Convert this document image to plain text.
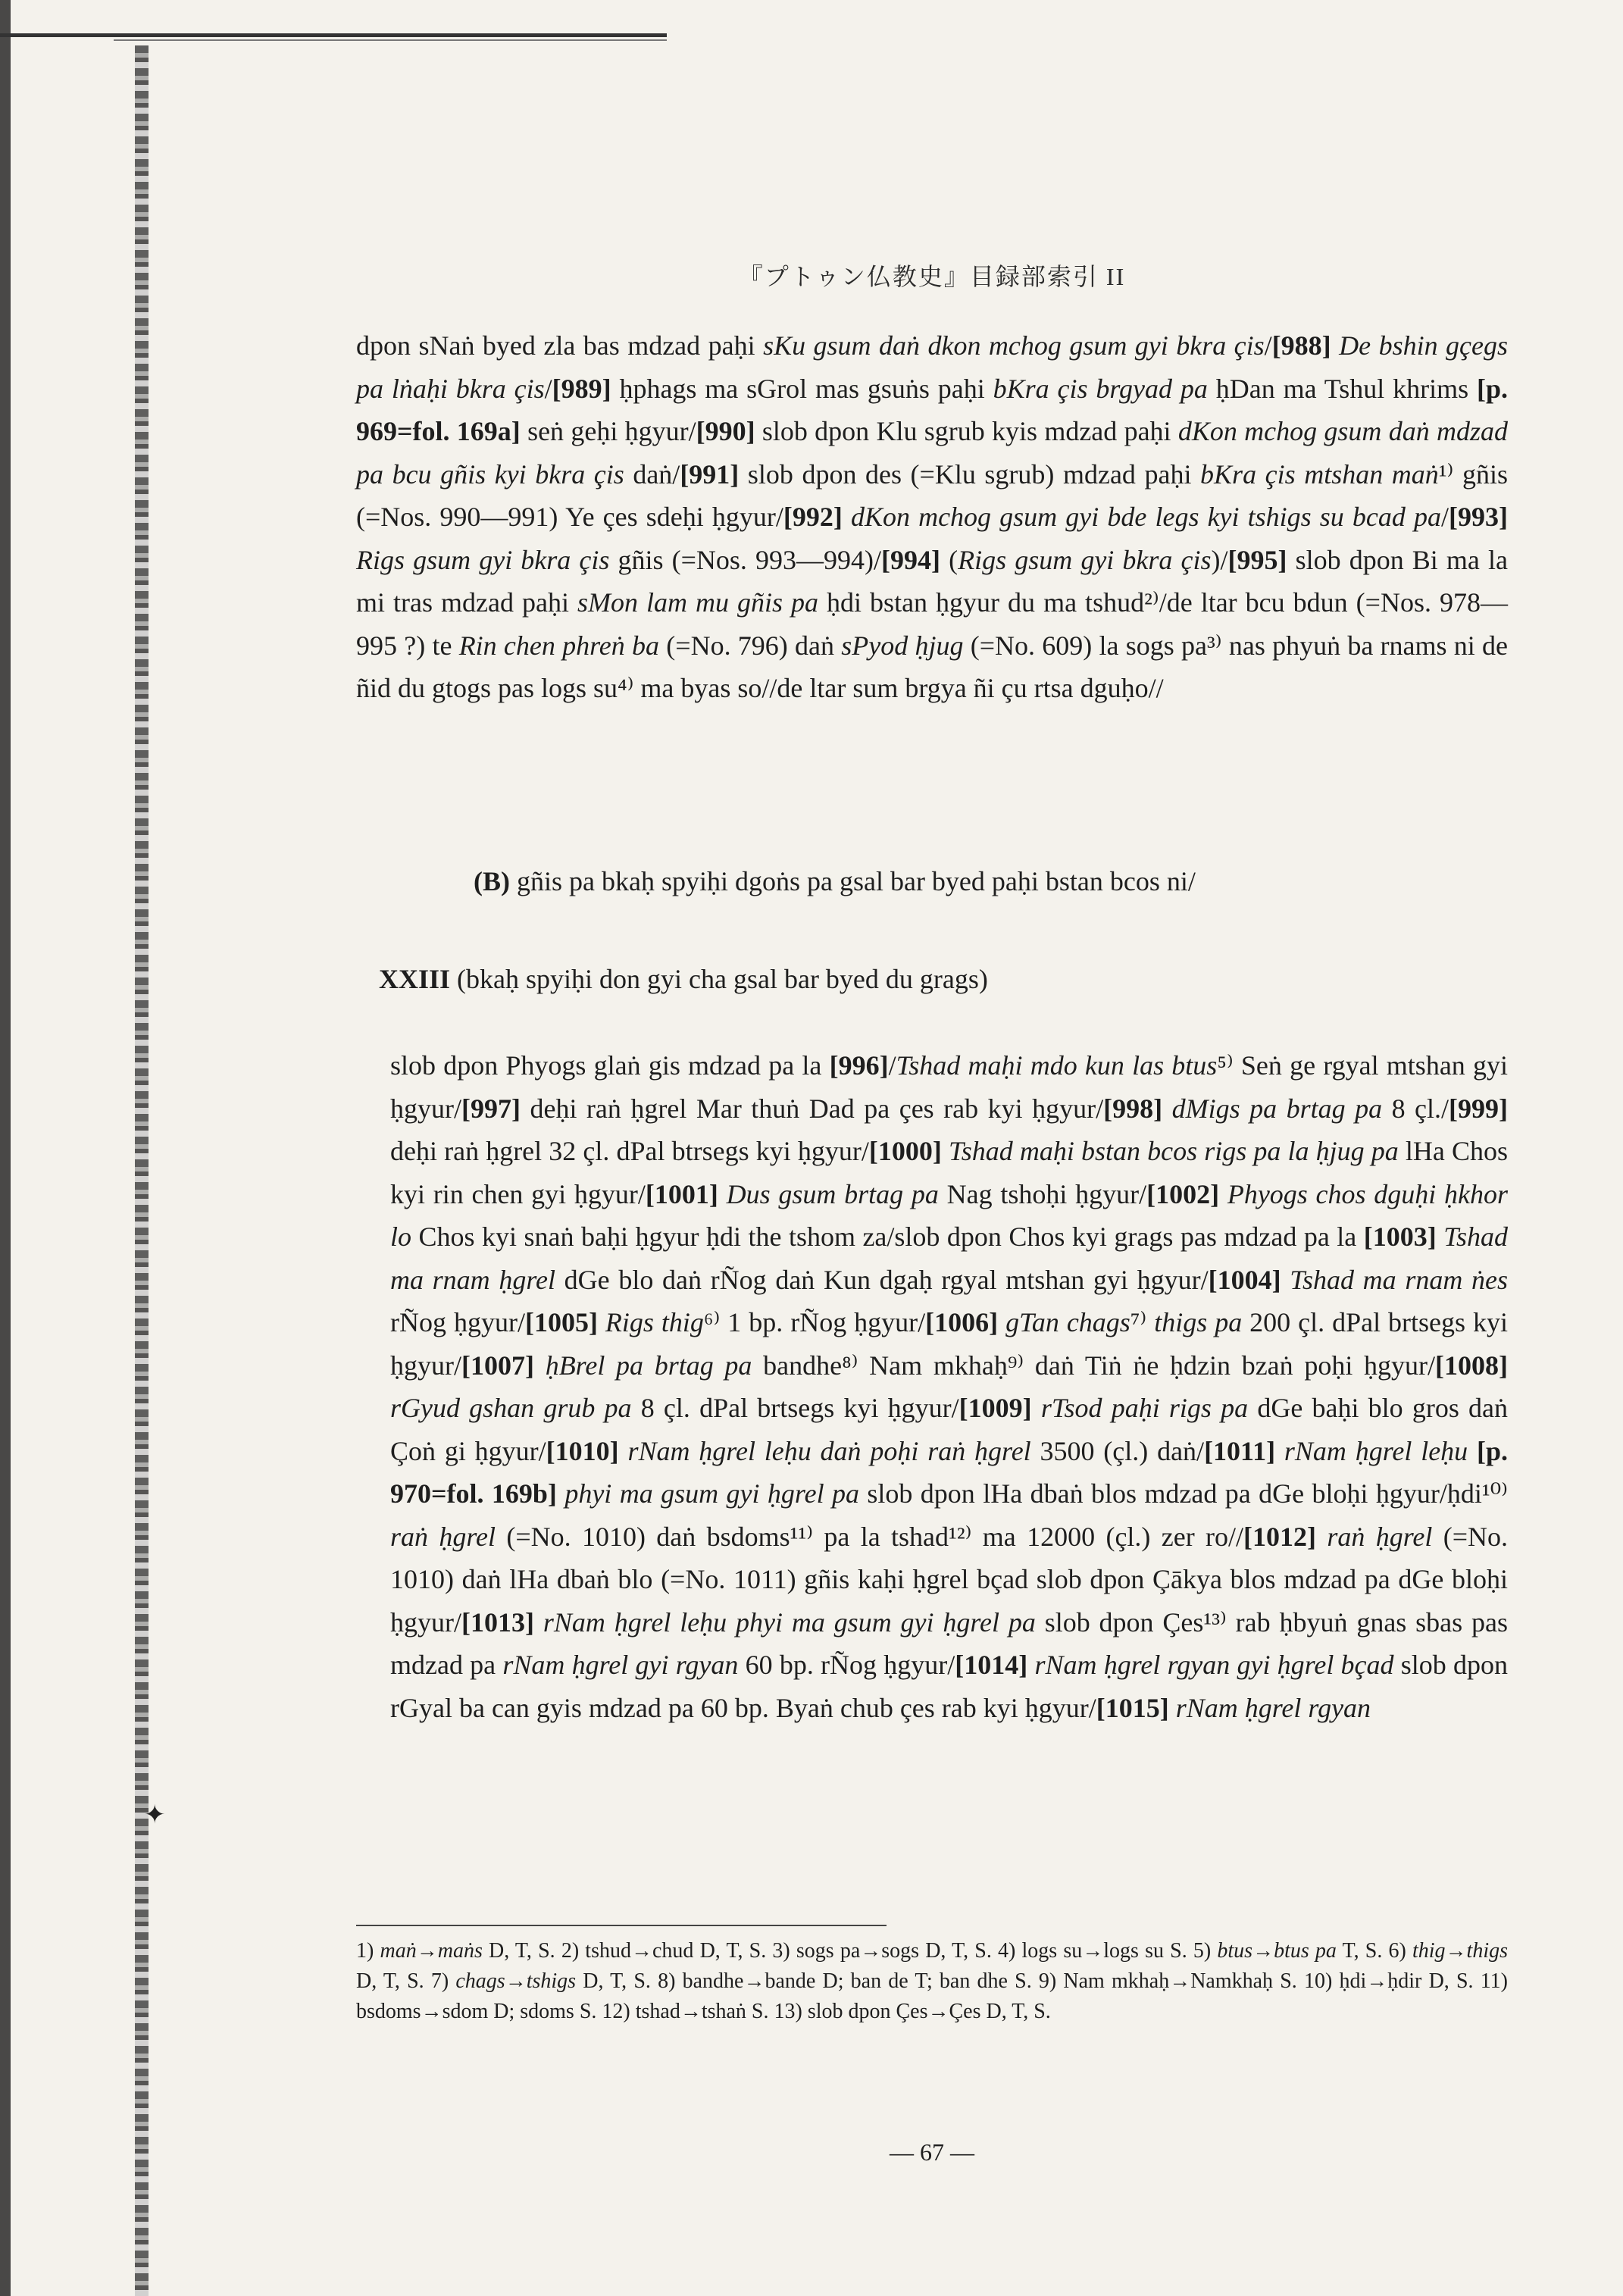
✦
『プトゥン仏教史』目録部索引 II

dpon sNaṅ byed zla bas mdzad paḥi sKu gsum daṅ dkon mchog gsum gyi bkra çis/[988] De bshin gçegs pa lṅaḥi bkra çis/[989] ḥphags ma sGrol mas gsuṅs paḥi bKra çis brgyad pa ḥDan ma Tshul khrims [p. 969=fol. 169a] seṅ geḥi ḥgyur/[990] slob dpon Klu sgrub kyis mdzad paḥi dKon mchog gsum daṅ mdzad pa bcu gñis kyi bkra çis daṅ/[991] slob dpon des (=Klu sgrub) mdzad paḥi bKra çis mtshan maṅ¹⁾ gñis (=Nos. 990—991) Ye çes sdeḥi ḥgyur/[992] dKon mchog gsum gyi bde legs kyi tshigs su bcad pa/[993] Rigs gsum gyi bkra çis gñis (=Nos. 993—994)/[994] (Rigs gsum gyi bkra çis)/[995] slob dpon Bi ma la mi tras mdzad paḥi sMon lam mu gñis pa ḥdi bstan ḥgyur du ma tshud²⁾/de ltar bcu bdun (=Nos. 978—995 ?) te Rin chen phreṅ ba (=No. 796) daṅ sPyod ḥjug (=No. 609) la sogs pa³⁾ nas phyuṅ ba rnams ni de ñid du gtogs pas logs su⁴⁾ ma byas so//de ltar sum brgya ñi çu rtsa dguḥo//

(B) gñis pa bkaḥ spyiḥi dgoṅs pa gsal bar byed paḥi bstan bcos ni/

XXIII (bkaḥ spyiḥi don gyi cha gsal bar byed du grags)

slob dpon Phyogs glaṅ gis mdzad pa la [996]/Tshad maḥi mdo kun las btus⁵⁾ Seṅ ge rgyal mtshan gyi ḥgyur/[997] deḥi raṅ ḥgrel Mar thuṅ Dad pa çes rab kyi ḥgyur/[998] dMigs pa brtag pa 8 çl./[999] deḥi raṅ ḥgrel 32 çl. dPal btrsegs kyi ḥgyur/[1000] Tshad maḥi bstan bcos rigs pa la ḥjug pa lHa Chos kyi rin chen gyi ḥgyur/[1001] Dus gsum brtag pa Nag tshoḥi ḥgyur/[1002] Phyogs chos dguḥi ḥkhor lo Chos kyi snaṅ baḥi ḥgyur ḥdi the tshom za/slob dpon Chos kyi grags pas mdzad pa la [1003] Tshad ma rnam ḥgrel dGe blo daṅ rÑog daṅ Kun dgaḥ rgyal mtshan gyi ḥgyur/[1004] Tshad ma rnam ṅes rÑog ḥgyur/[1005] Rigs thig⁶⁾ 1 bp. rÑog ḥgyur/[1006] gTan chags⁷⁾ thigs pa 200 çl. dPal brtsegs kyi ḥgyur/[1007] ḥBrel pa brtag pa bandhe⁸⁾ Nam mkhaḥ⁹⁾ daṅ Tiṅ ṅe ḥdzin bzaṅ poḥi ḥgyur/[1008] rGyud gshan grub pa 8 çl. dPal brtsegs kyi ḥgyur/[1009] rTsod paḥi rigs pa dGe baḥi blo gros daṅ Çoṅ gi ḥgyur/[1010] rNam ḥgrel leḥu daṅ poḥi raṅ ḥgrel 3500 (çl.) daṅ/[1011] rNam ḥgrel leḥu [p. 970=fol. 169b] phyi ma gsum gyi ḥgrel pa slob dpon lHa dbaṅ blos mdzad pa dGe bloḥi ḥgyur/ḥdi¹⁰⁾ raṅ ḥgrel (=No. 1010) daṅ bsdoms¹¹⁾ pa la tshad¹²⁾ ma 12000 (çl.) zer ro//[1012] raṅ ḥgrel (=No. 1010) daṅ lHa dbaṅ blo (=No. 1011) gñis kaḥi ḥgrel bçad slob dpon Çākya blos mdzad pa dGe bloḥi ḥgyur/[1013] rNam ḥgrel leḥu phyi ma gsum gyi ḥgrel pa slob dpon Çes¹³⁾ rab ḥbyuṅ gnas sbas pas mdzad pa rNam ḥgrel gyi rgyan 60 bp. rÑog ḥgyur/[1014] rNam ḥgrel rgyan gyi ḥgrel bçad slob dpon rGyal ba can gyis mdzad pa 60 bp. Byaṅ chub çes rab kyi ḥgyur/[1015] rNam ḥgrel rgyan

1) maṅ→maṅs D, T, S. 2) tshud→chud D, T, S. 3) sogs pa→sogs D, T, S. 4) logs su→logs su S. 5) btus→btus pa T, S. 6) thig→thigs D, T, S. 7) chags→tshigs D, T, S. 8) bandhe→bande D; ban de T; ban dhe S. 9) Nam mkhaḥ→Namkhaḥ S. 10) ḥdi→ḥdir D, S. 11) bsdoms→sdom D; sdoms S. 12) tshad→tshaṅ S. 13) slob dpon Çes→Çes D, T, S.

— 67 —
